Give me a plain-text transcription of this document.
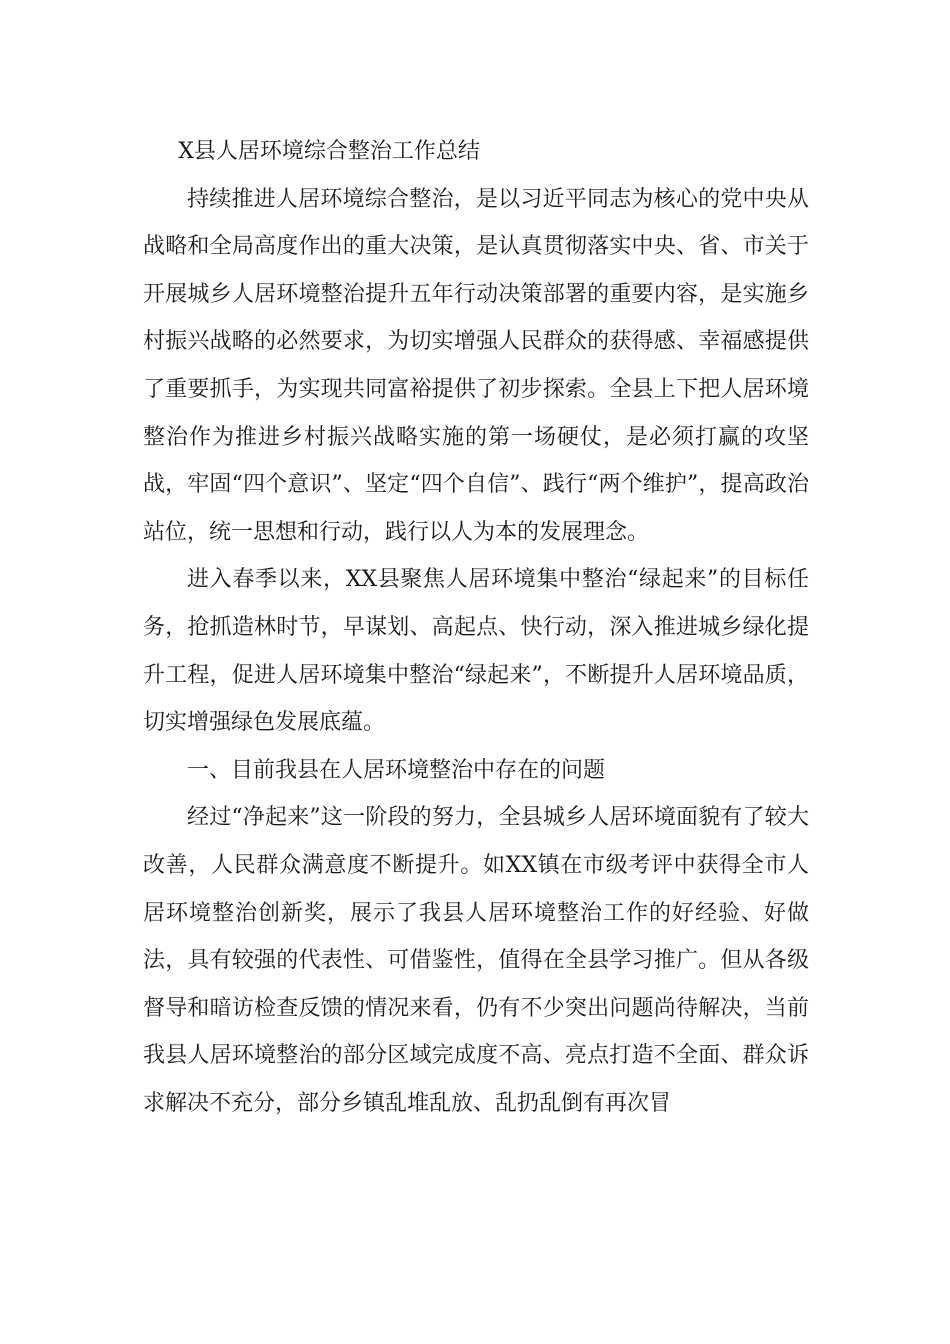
X县人居环境综合整治工作总结

持续推进人居环境综合整治，是以习近平同志为核心的党中央从战略和全局高度作出的重大决策，是认真贯彻落实中央、省、市关于开展城乡人居环境整治提升五年行动决策部署的重要内容，是实施乡村振兴战略的必然要求，为切实增强人民群众的获得感、幸福感提供了重要抓手，为实现共同富裕提供了初步探索。全县上下把人居环境整治作为推进乡村振兴战略实施的第一场硬仗，是必须打赢的攻坚战，牢固“四个意识”、坚定“四个自信”、践行“两个维护”，提高政治站位，统一思想和行动，践行以人为本的发展理念。

进入春季以来，XX县聚焦人居环境集中整治“绿起来”的目标任务，抢抓造林时节，早谋划、高起点、快行动，深入推进城乡绿化提升工程，促进人居环境集中整治“绿起来”，不断提升人居环境品质，切实增强绿色发展底蕴。

一、目前我县在人居环境整治中存在的问题

经过“净起来”这一阶段的努力，全县城乡人居环境面貌有了较大改善，人民群众满意度不断提升。如XX镇在市级考评中获得全市人居环境整治创新奖，展示了我县人居环境整治工作的好经验、好做法，具有较强的代表性、可借鉴性，值得在全县学习推广。但从各级督导和暗访检查反馈的情况来看，仍有不少突出问题尚待解决，当前我县人居环境整治的部分区域完成度不高、亮点打造不全面、群众诉求解决不充分，部分乡镇乱堆乱放、乱扔乱倒有再次冒
